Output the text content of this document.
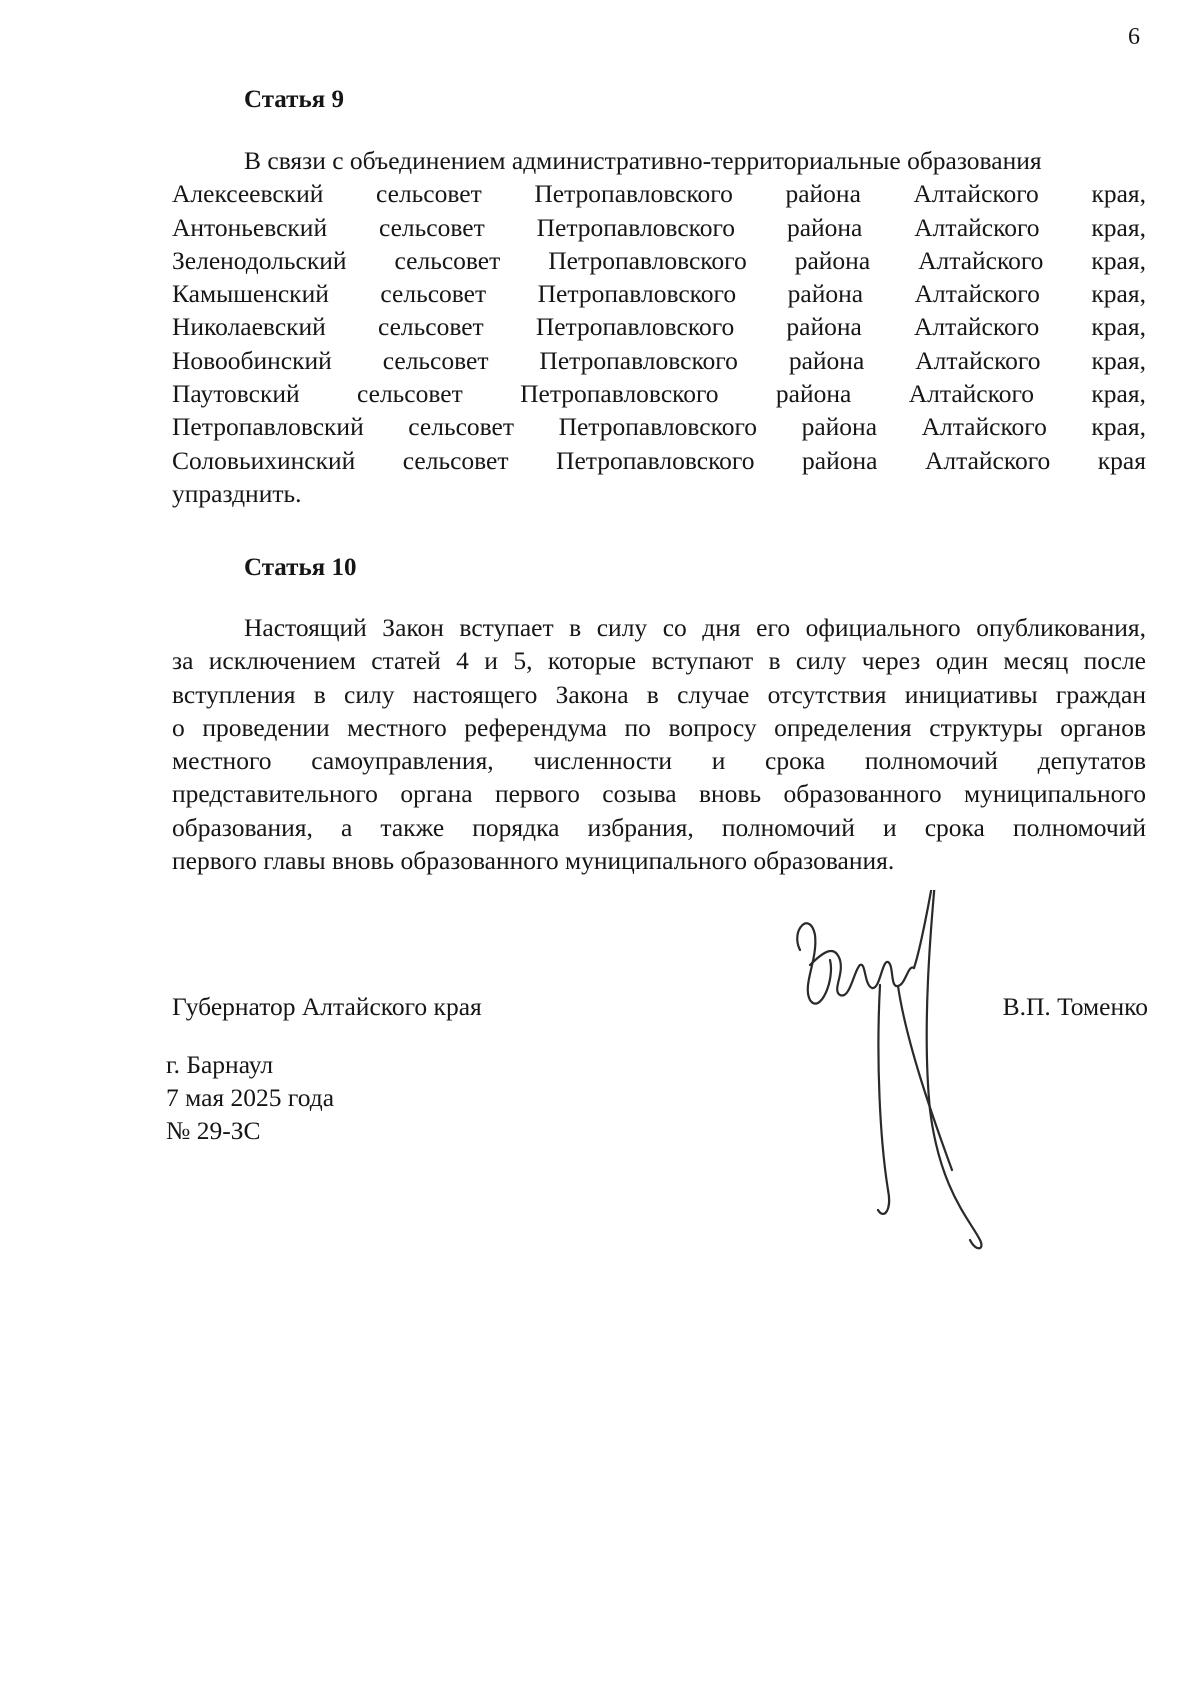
6
Статья 9
В связи с объединением административно-территориальные образования
Алексеевский сельсовет Петропавловского района Алтайского края,
Антоньевский сельсовет Петропавловского района Алтайского края,
Зеленодольский сельсовет Петропавловского района Алтайского края,
Камышенский сельсовет Петропавловского района Алтайского края,
Николаевский сельсовет Петропавловского района Алтайского края,
Новообинский сельсовет Петропавловского района Алтайского края,
Паутовский сельсовет Петропавловского района Алтайского края,
Петропавловский сельсовет Петропавловского района Алтайского края,
Соловьихинский сельсовет Петропавловского района Алтайского края
упразднить.
Статья 10
Настоящий Закон вступает в силу со дня его официального опубликования,
за исключением статей 4 и 5, которые вступают в силу через один месяц после
вступления в силу настоящего Закона в случае отсутствия инициативы граждан
о проведении местного референдума по вопросу определения структуры органов
местного самоуправления, численности и срока полномочий депутатов
представительного органа первого созыва вновь образованного муниципального
образования, а также порядка избрания, полномочий и срока полномочий
первого главы вновь образованного муниципального образования.
Губернатор Алтайского края	В.П. Томенко
г. Барнаул
7 мая 2025 года
№ 29-ЗС
